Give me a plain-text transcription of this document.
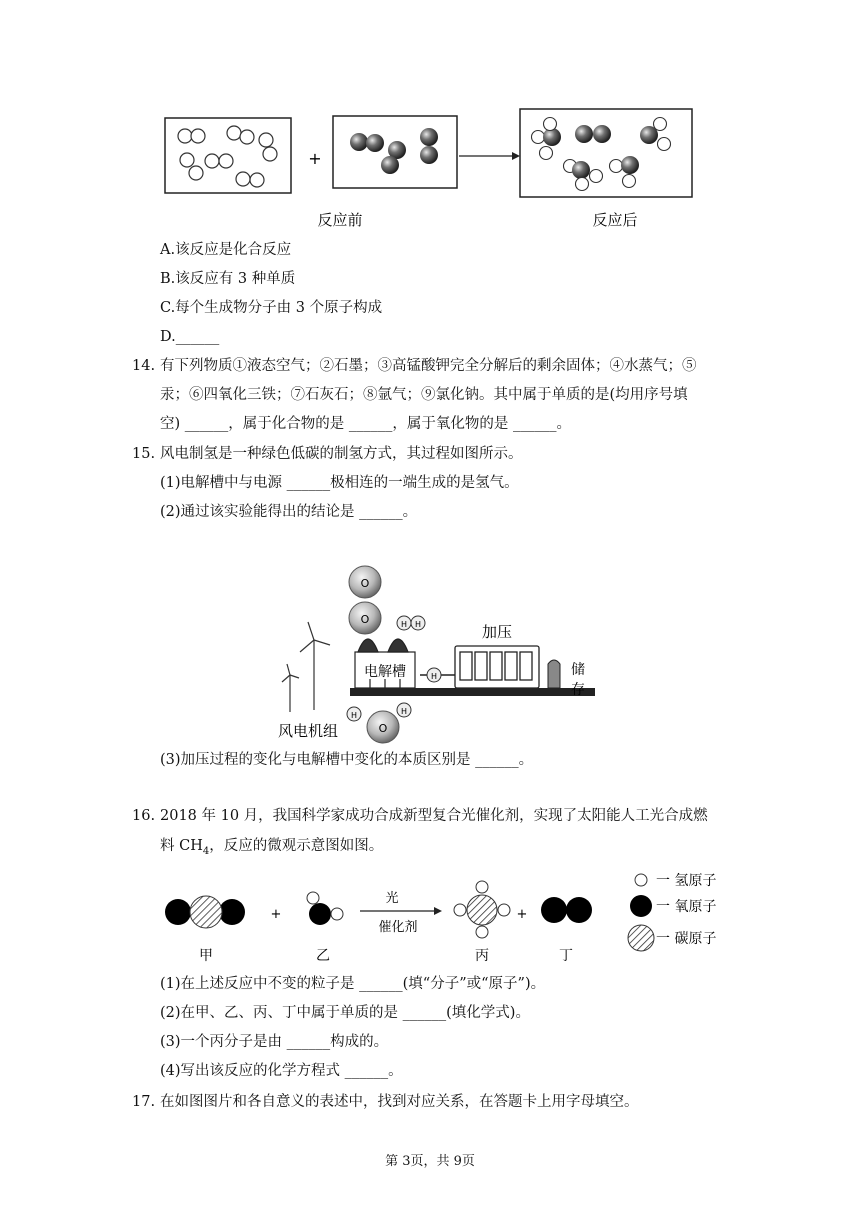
+
反应前	反应后
A.该反应是化合反应
B.该反应有 3 种单质
C.每个生成物分子由 3 个原子构成
D.______
14. 有下列物质①液态空气；②石墨；③高锰酸钾完全分解后的剩余固体；④水蒸气；⑤
汞；⑥四氧化三铁；⑦石灰石；⑧氩气；⑨氯化钠。其中属于单质的是(均用序号填
空) ______，属于化合物的是 ______，属于氧化物的是 ______。
15. 风电制氢是一种绿色低碳的制氢方式，其过程如图所示。
(1)电解槽中与电源 ______极相连的一端生成的是氢气。
(2)通过该实验能得出的结论是 ______。
风电机组
电解槽
加压
储
存
O
O	H H
H
H	H
O
(3)加压过程的变化与电解槽中变化的本质区别是 ______。
16. 2018 年 10 月，我国科学家成功合成新型复合光催化剂，实现了太阳能人工光合成燃
料 $CH_4$，反应的微观示意图如图。
甲
+
乙
光
催化剂
丙
+
丁
一 氢原子
一 氧原子
一 碳原子
(1)在上述反应中不变的粒子是 ______(填“分子”或“原子”)。
(2)在甲、乙、丙、丁中属于单质的是 ______(填化学式)。
(3)一个丙分子是由 ______构成的。
(4)写出该反应的化学方程式 ______。
17. 在如图图片和各自意义的表述中，找到对应关系，在答题卡上用字母填空。
第 3页，共 9页
